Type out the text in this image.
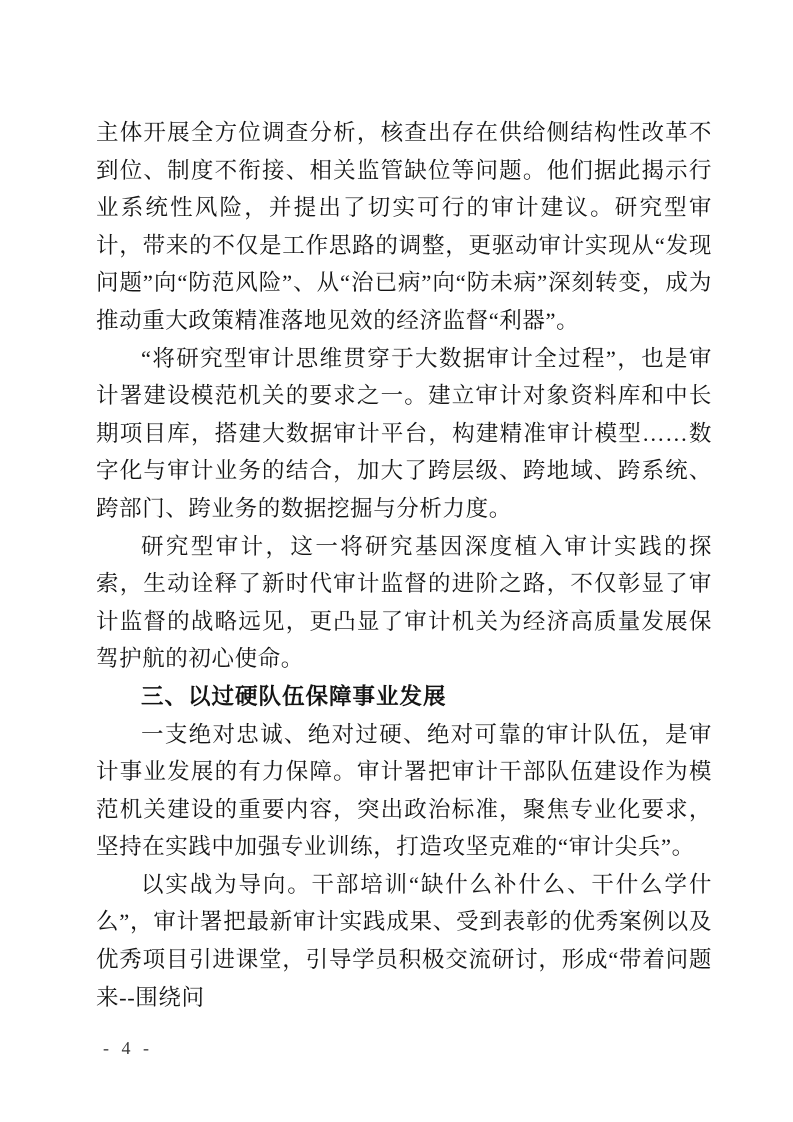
主体开展全方位调查分析，核查出存在供给侧结构性改革不到位、制度不衔接、相关监管缺位等问题。他们据此揭示行业系统性风险，并提出了切实可行的审计建议。研究型审计，带来的不仅是工作思路的调整，更驱动审计实现从“发现问题”向“防范风险”、从“治已病”向“防未病”深刻转变，成为推动重大政策精准落地见效的经济监督“利器”。

“将研究型审计思维贯穿于大数据审计全过程”，也是审计署建设模范机关的要求之一。建立审计对象资料库和中长期项目库，搭建大数据审计平台，构建精准审计模型……数字化与审计业务的结合，加大了跨层级、跨地域、跨系统、跨部门、跨业务的数据挖掘与分析力度。

研究型审计，这一将研究基因深度植入审计实践的探索，生动诠释了新时代审计监督的进阶之路，不仅彰显了审计监督的战略远见，更凸显了审计机关为经济高质量发展保驾护航的初心使命。

三、以过硬队伍保障事业发展

一支绝对忠诚、绝对过硬、绝对可靠的审计队伍，是审计事业发展的有力保障。审计署把审计干部队伍建设作为模范机关建设的重要内容，突出政治标准，聚焦专业化要求，坚持在实践中加强专业训练，打造攻坚克难的“审计尖兵”。

以实战为导向。干部培训“缺什么补什么、干什么学什么”，审计署把最新审计实践成果、受到表彰的优秀案例以及优秀项目引进课堂，引导学员积极交流研讨，形成“带着问题来--围绕问

- 4 -
